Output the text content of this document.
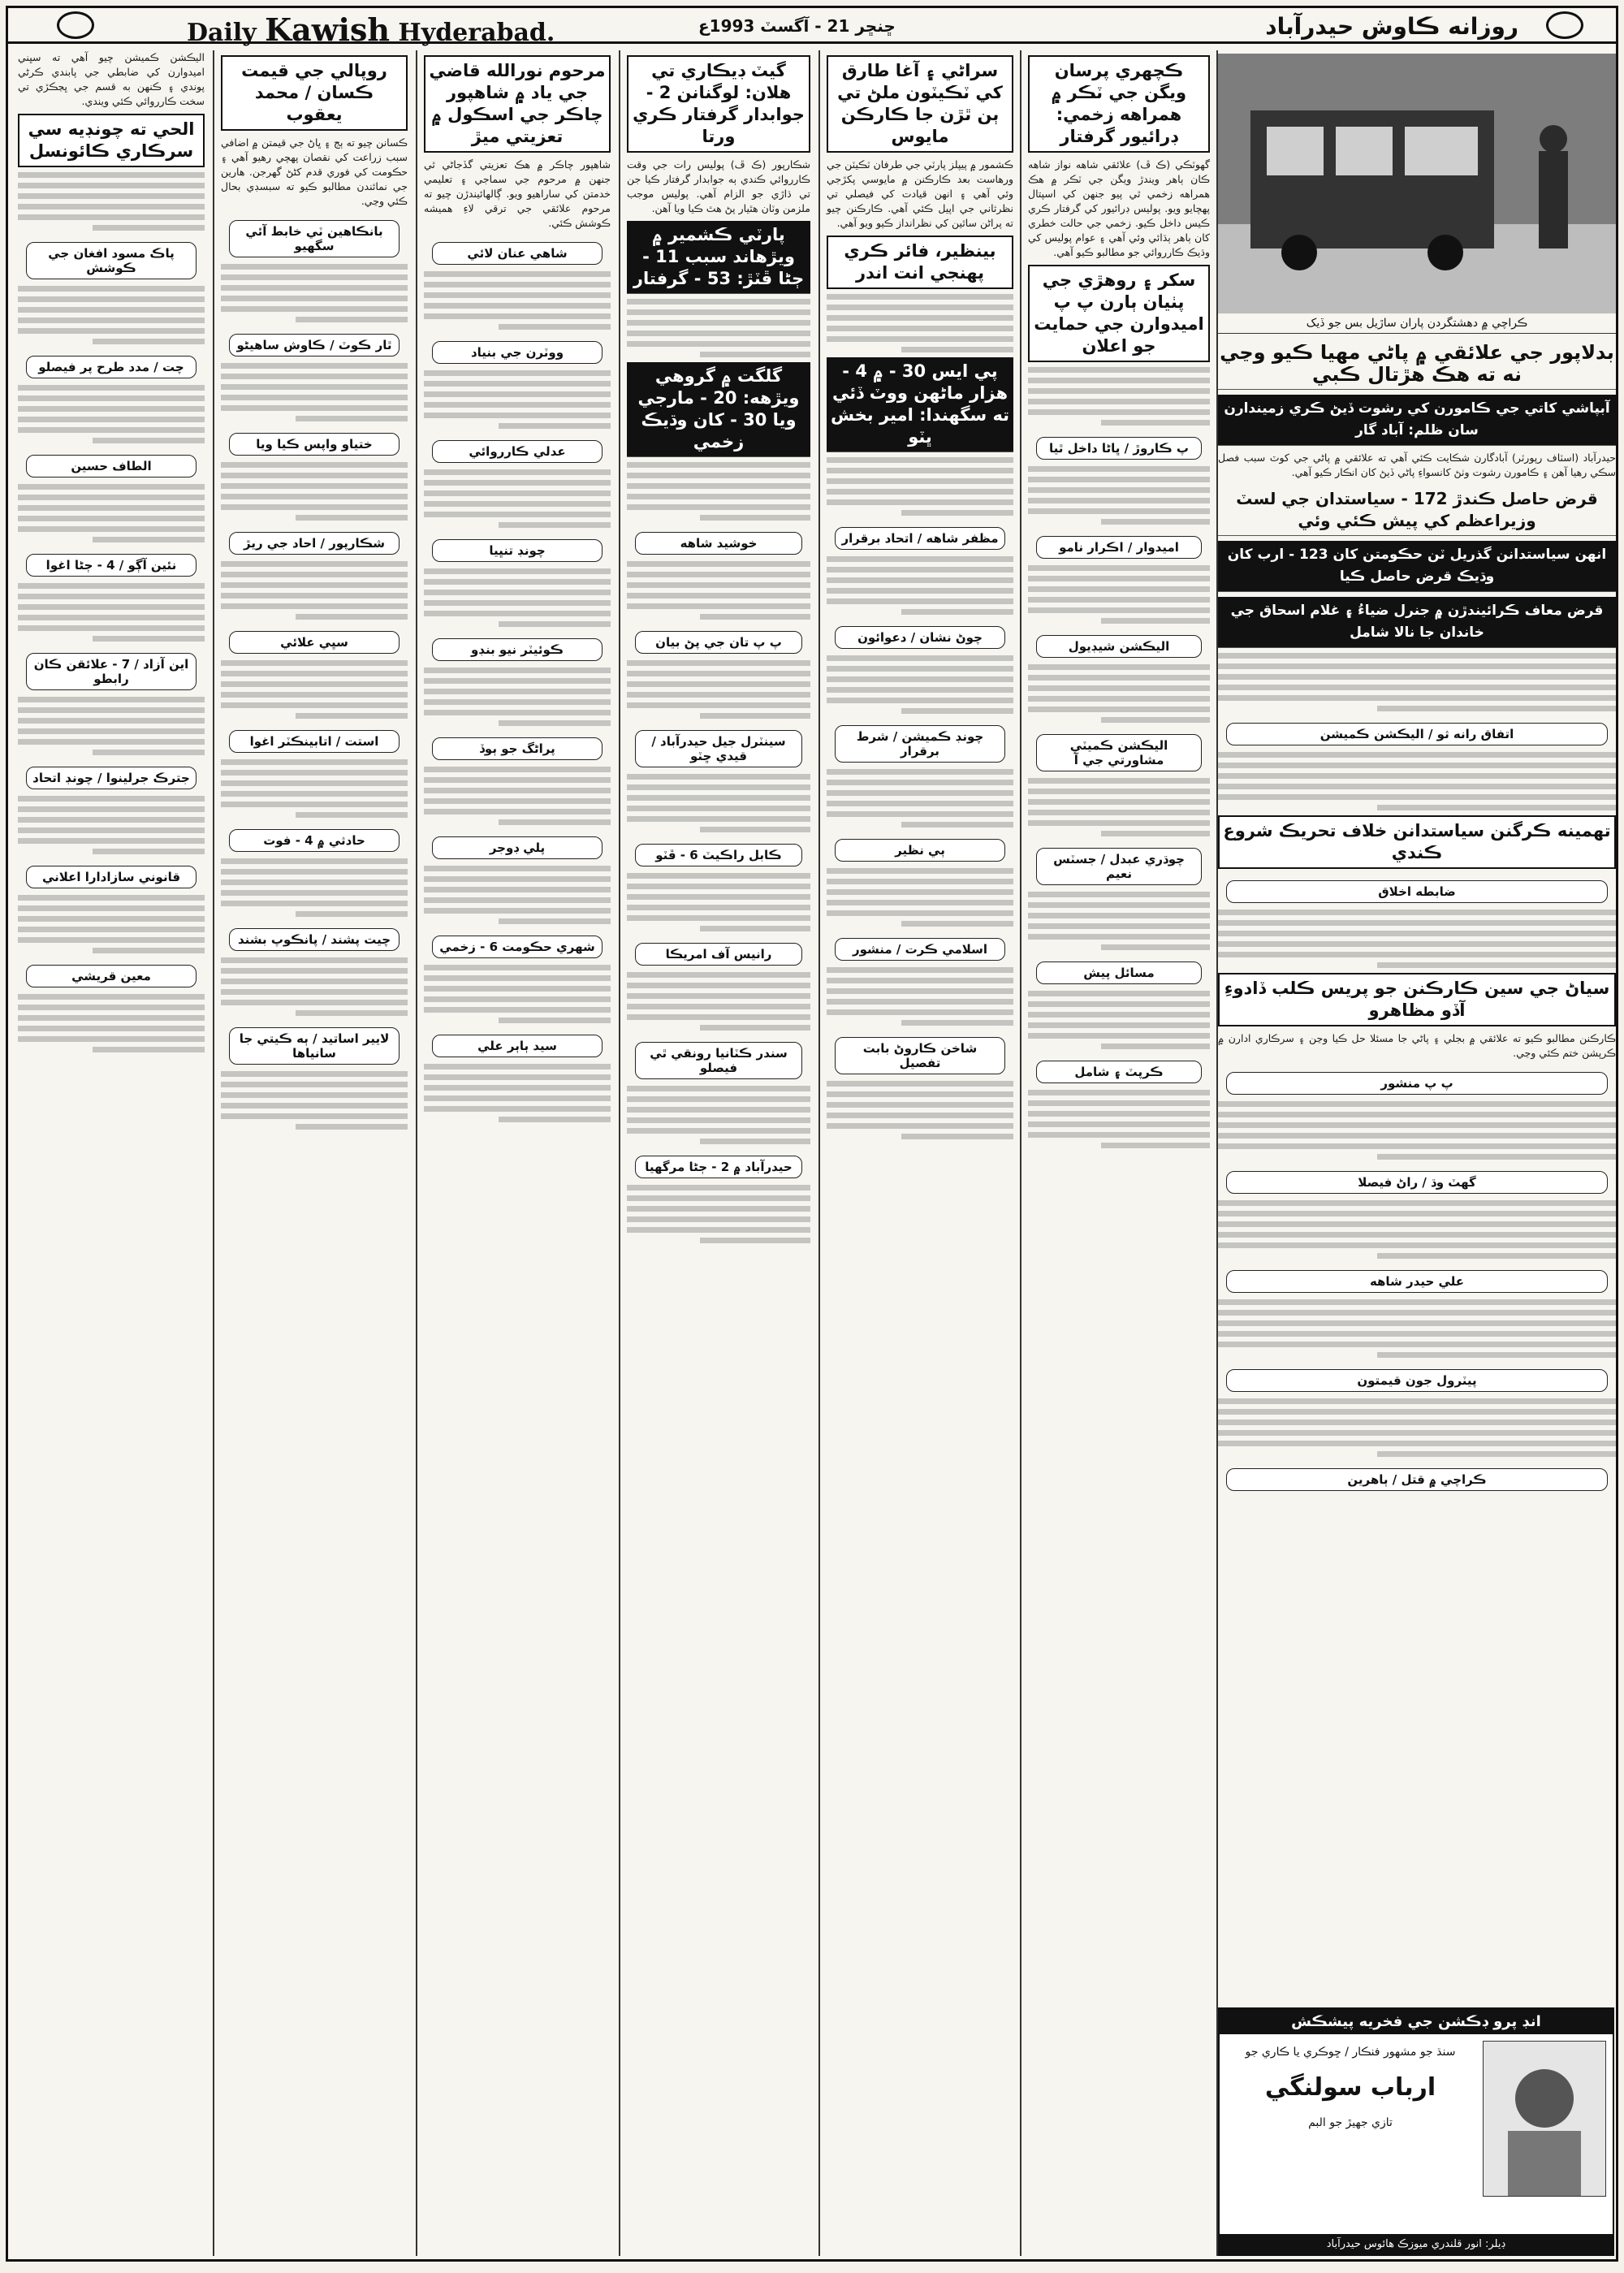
Daily Kawish Hyderabad.	ڇنڇر 21 - آگسٽ 1993ع	روزانه ڪاوش حيدرآباد
ڪچهري پرسان ويگن جي ٽڪر ۾ همراهه زخمي: ڊرائيور گرفتار

گهوٽڪي (ڪ ڦ) علائقي شاهه نواز شاهه ڪان ٻاهر ويندڙ ويگن جي ٽڪر ۾ هڪ همراهه زخمي ٿي پيو جنهن کي اسپتال پهچايو ويو. پوليس ڊرائيور کي گرفتار ڪري ڪيس داخل ڪيو. زخمي جي حالت خطري کان ٻاهر ٻڌائي وئي آهي ۽ عوام پوليس کي وڌيڪ ڪارروائي جو مطالبو ڪيو آهي.

سکر ۽ روهڙي جي پٺيان ٻارن پ پ اميدوارن جي حمايت جو اعلان
پ ڪاروڙ / ڀاڻا داخل ٿيا
اميدوار / اڪرار نامو
اليڪشن شيڊيول
اليڪشن ڪميٽي مشاورتي جي آ
چوڌري عبدل / جسٽس نعيم
مسائل پيش
ڪرپٽ ۽ شامل
سراڻي ۽ آغا طارق کي ٽڪيٽون ملڻ تي ٻن ٿڙن جا ڪارڪن مايوس

ڪشمور ۾ پيپلز پارٽي جي طرفان ٽڪيٽن جي ورهاست بعد ڪارڪنن ۾ مايوسي پکڙجي وئي آهي ۽ انهن قيادت کي فيصلي تي نظرثاني جي اپيل ڪئي آهي. ڪارڪنن چيو ته پراڻن ساٿين کي نظرانداز ڪيو ويو آهي.

بينظير، فائر ڪري پهنجي انت اندر
پي ايس 30 - ۾ 4 - هزار ماڻهن ووٽ ڏئي ته سگهندا: امير بخش ڀٽو
مظفر شاهه / اتحاد برقرار
چوڻ نشان / دعوائون
چونڊ ڪميشن / شرط برقرار
ٻي نظير
اسلامي ڪرت / منشور
شاخن ڪاروڻ بابت تفصيل
گيٽ ڊيڪاري تي هلان: لوگنانن 2 - جوابدار گرفتار ڪري ورتا

شڪارپور (ڪ ڦ) پوليس رات جي وقت ڪارروائي ڪندي ٻه جوابدار گرفتار ڪيا جن تي ڌاڙي جو الزام آهي. پوليس موجب ملزمن وٽان هٿيار پڻ هٿ ڪيا ويا آهن.

پارٽي ڪشمير ۾ ويڙهاند سبب 11 - ڄڻا ڦٽڙ: 53 - گرفتار
گلگت ۾ گروهي ويڙهه: 20 - مارجي ويا 30 - کان وڌيڪ زخمي
خوشيد شاهه
پ پ تان جي پڻ بيان
سينٽرل جيل حيدرآباد / قيدي ڇٽو
ڪابل راڪيٽ 6 - ڦٽو
رانيس آف امريڪا
سندر ڪٽانيا رونقي ٿي فيصلو
حيدرآباد ۾ 2 - ڄڻا مرگهيا
مرحوم نورالله قاضي جي ياد ۾ شاهپور چاڪر جي اسڪول ۾ تعزيتي ميڙ

شاهپور چاڪر ۾ هڪ تعزيتي گڏجاڻي ٿي جنهن ۾ مرحوم جي سماجي ۽ تعليمي خدمتن کي ساراهيو ويو. ڳالهائيندڙن چيو ته مرحوم علائقي جي ترقي لاءِ هميشه ڪوشش ڪئي.

شاهي عنان لائي
ووٽرن جي بنياد
عدلي ڪارروائي
چونڊ تنڀيا
ڪوئيٽر نيو بنڊو
پراڻگ جو ٻوڏ
پلي ڊوجر
شهري حڪومت 6 - زخمي
سيد ٻاٻر علي
روپالي جي قيمت ڪسان / محمد يعقوب

ڪسانن چيو ته ٻج ۽ ڀاڻ جي قيمتن ۾ اضافي سبب زراعت کي نقصان پهچي رهيو آهي ۽ حڪومت کي فوري قدم کڻڻ گهرجن. هارين جي نمائندن مطالبو ڪيو ته سبسڊي بحال ڪئي وڃي.

بانڪاهين ٽي خابط آئي سگهيو
ٿار ڪوٽ / ڪاوش ساهيڻو
ختياو واپس ڪيا ويا
شڪارپور / احاد جي ريڙ
سڀي علائي
استت / اتابينڪٽر اغوا
حادثي ۾ 4 - فوت
چيت پشند / پانڪوپ بشند
لايير اساتيد / ٻه ڪيتي جا سانياها

اليڪشن ڪميشن چيو آهي ته سڀني اميدوارن کي ضابطي جي پابندي ڪرڻي پوندي ۽ ڪنهن به قسم جي ڀڃڪڙي تي سخت ڪارروائي ڪئي ويندي.

الحي ته چونڊيه سي سرڪاري ڪائونسل
پاڪ مسود افغان جي ڪوشش
چت / مدد طرح پر فيصلو
الطاف حسين
نئين آڳو / 4 - ڄڻا اغوا
اين آزاد / 7 - علائقن ڪان رابطو
جترڪ جرلينوا / چونڊ اتحاد
قانوني سازادارا اعلاني
معين قريشي
ڪراچي ۾ دهشتگردن پاران ساڙيل بس جو ڏيک
بدلاپور جي علائقي ۾ پاڻي مهيا ڪيو وڃي نه ته هڪ هڙتال ڪبي
آبپاشي کاتي جي ڪامورن کي رشوت ڏيڻ ڪري زميندارن سان ظلم: آباد گار

حيدرآباد (اسٽاف رپورٽر) آبادگارن شڪايت ڪئي آهي ته علائقي ۾ پاڻي جي کوٽ سبب فصل سڪي رهيا آهن ۽ ڪامورن رشوت وٺڻ کانسواءِ پاڻي ڏيڻ کان انڪار ڪيو آهي.

قرض حاصل ڪندڙ 172 - سياستدان جي لسٽ وزيراعظم کي پيش ڪئي وئي
انهن سياستدانن گذريل ٽن حڪومتن کان 123 - ارب کان وڌيڪ قرض حاصل ڪيا
قرض معاف ڪرائيندڙن ۾ جنرل ضياءُ ۽ غلام اسحاق جي خاندان جا نالا شامل
اتفاق رانه ثو / اليڪشن ڪميشن
تهمينه ڪرگنن سياستدانن خلاف تحريڪ شروع ڪندي
ضابطه اخلاق
سياڻ جي سين ڪارڪنن جو پريس ڪلب ڏادوءِ آڏو مظاهرو

ڪارڪنن مطالبو ڪيو ته علائقي ۾ بجلي ۽ پاڻي جا مسئلا حل ڪيا وڃن ۽ سرڪاري ادارن ۾ ڪرپشن ختم ڪئي وڃي.

پ پ منشور
گهٽ وڌ / راڻ فيصلا
علي حيدر شاهه
پيٽرول جون قيمتون
ڪراچي ۾ قتل / ٻاهرين
انڊ پرو ڊڪشن جي فخريه پيشڪش
سنڌ جو مشهور فنڪار / ڇوڪري يا ڪاري جو
ارباب سولنگي
تازي جهيڙ جو البم
ڊيلر: انور قلندري ميوزڪ هائوس حيدرآباد
